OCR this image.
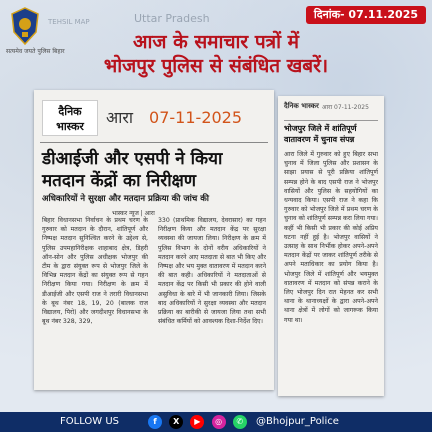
Uttar Pradesh
TEHSIL MAP
सत्यमेव जयते पुलिस बिहार
दिनांक- 07.11.2025
आज के समाचार पत्रों में
भोजपुर पुलिस से संबंधित खबरें।
दैनिक
भास्कर	आरा 07-11-2025
डीआईजी और एसपी ने किया मतदान केंद्रों का निरीक्षण
अधिकारियों ने सुरक्षा और मतदान प्रक्रिया की जांच की
भास्कर न्यूज | आरा
बिहार विधानसभा निर्वाचन के प्रथम चरण के गुरुवार को मतदान के दौरान, शांतिपूर्ण और निष्पक्ष मतदान सुनिश्चित करने के उद्देश्य से, पुलिस उपमहानिरीक्षक शाहाबाद क्षेत्र, डिहरी ऑन-सोन और पुलिस अधीक्षक भोजपुर की टीम के द्वारा संयुक्त रूप से भोजपुर जिले के विभिन्न मतदान केंद्रों का संयुक्त रूप से गहन निरीक्षण किया गया। निरीक्षण के क्रम में डीआईजी और एसपी राज ने तरारी विधानसभा के बूथ नंबर 18, 19, 20 (बालक राज विद्यालय, पिरो) और जगदीशपुर विधानसभा के बूथ नंबर 328, 329,
330 (प्राथमिक विद्यालय, देवरासार) का गहन निरीक्षण किया और मतदान केंद्र पर सुरक्षा व्यवस्था की जायजा लिया। निरीक्षण के क्रम में पुलिस विभाग के दोनों वरीय अधिकारियों ने मतदान करने आए मतदाता से बात भी किए और निष्पक्ष और भय मुक्त वातावरण में मतदान करने की बात कही। अधिकारियों ने मतदाताओं से मतदान केंद्र पर किसी भी प्रकार की होने वाली असुविधा के बारे में भी जानकारी लिया। जिसके बाद अधिकारियों ने सुरक्षा व्यवस्था और मतदान प्रक्रिया का बारीकी से जायजा लिया तथा सभी संबंधित कर्मियों को आवश्यक दिशा-निर्देश दिए।
दैनिक भास्कर आरा 07-11-2025
भोजपुर जिले में शांतिपूर्ण वातावरण में चुनाव संपन्न
आरा जिले में गुरुवार को हुए बिहार सभा चुनाव में जिला पुलिस और प्रशासन के साझा प्रयास से पूरी प्रक्रिया शांतिपूर्ण सम्पन्न होने के बाद एसपी राज ने भोजपुर वासियों और पुलिस के सहयोगियों का धन्यवाद किया। एसपी राज ने कहा कि गुरुवार को भोजपुर जिले में प्रथम चरण के चुनाव को शांतिपूर्ण सम्पन्न करा लिया गया। कहीं भी किसी भी प्रकार की कोई अप्रिय घटना नहीं हुई है। भोजपुर वासियों ने उत्साह के साथ निर्भीक होकर अपने-अपने मतदान केंद्रों पर जाकर शांतिपूर्ण तरीके से अपने मताधिकार का प्रयोग किया है। भोजपुर जिले में शांतिपूर्ण और भयमुक्त वातावरण में मतदान को संपन्न कराने के लिए भोजपुर दिन रात मेहनत कर सभी थाना के थानाध्यक्षों के द्वारा अपने-अपने थाना क्षेत्रों में लोगों को जागरूक किया गया था।
FOLLOW US	f X ▶ ◎ ✆	@Bhojpur_Police
